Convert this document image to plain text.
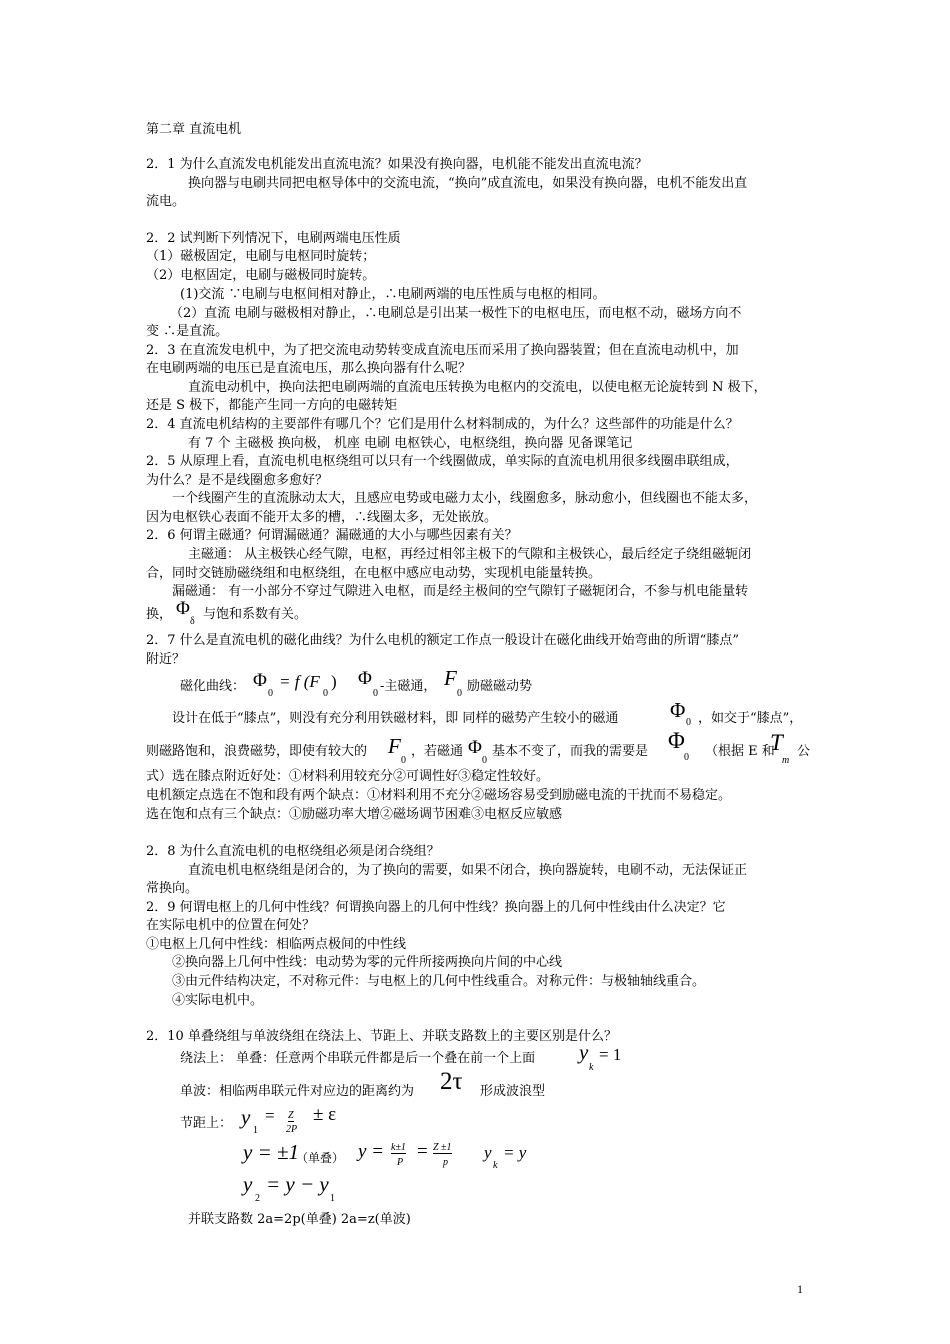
第二章 直流电机
2．1 为什么直流发电机能发出直流电流？如果没有换向器，电机能不能发出直流电流？
换向器与电刷共同把电枢导体中的交流电流，“换向”成直流电，如果没有换向器，电机不能发出直
流电。
2．2 试判断下列情况下，电刷两端电压性质
（1）磁极固定，电刷与电枢同时旋转；
（2）电枢固定，电刷与磁极同时旋转。
(1)交流 ∵电刷与电枢间相对静止，∴电刷两端的电压性质与电枢的相同。
（2）直流 电刷与磁极相对静止，∴电刷总是引出某一极性下的电枢电压，而电枢不动，磁场方向不
变 ∴是直流。
2．3 在直流发电机中，为了把交流电动势转变成直流电压而采用了换向器装置；但在直流电动机中，加
在电刷两端的电压已是直流电压，那么换向器有什么呢？
直流电动机中，换向法把电刷两端的直流电压转换为电枢内的交流电，以使电枢无论旋转到 N 极下，
还是 S 极下，都能产生同一方向的电磁转矩
2．4 直流电机结构的主要部件有哪几个？它们是用什么材料制成的，为什么？这些部件的功能是什么？
有 7 个 主磁极 换向极， 机座 电刷 电枢铁心，电枢绕组，换向器 见备课笔记
2．5 从原理上看，直流电机电枢绕组可以只有一个线圈做成，单实际的直流电机用很多线圈串联组成，
为什么？是不是线圈愈多愈好？
一个线圈产生的直流脉动太大，且感应电势或电磁力太小，线圈愈多，脉动愈小，但线圈也不能太多，
因为电枢铁心表面不能开太多的槽，∴线圈太多，无处嵌放。
2．6 何谓主磁通？何谓漏磁通？漏磁通的大小与哪些因素有关？
主磁通： 从主极铁心经气隙，电枢，再经过相邻主极下的气隙和主极铁心，最后经定子绕组磁轭闭
合，同时交链励磁绕组和电枢绕组，在电枢中感应电动势，实现机电能量转换。
漏磁通： 有一小部分不穿过气隙进入电枢，而是经主极间的空气隙钉子磁轭闭合，不参与机电能量转
换， Φ
δ 与饱和系数有关。
2．7 什么是直流电机的磁化曲线？为什么电机的额定工作点一般设计在磁化曲线开始弯曲的所谓“膝点”
附近？
磁化曲线： Φ
0
= f (F
0
) Φ
0 -主磁通， F
0 励磁磁动势
设计在低于“膝点”，则没有充分利用铁磁材料，即 同样的磁势产生较小的磁通 Φ
0 ，如交于“膝点”，
则磁路饱和，浪费磁势，即使有较大的 F
0
，若磁通 Φ
0
基本不变了，而我的需要是 Φ
0 （根据 E 和
T
m
公
式）选在膝点附近好处：①材料利用较充分②可调性好③稳定性较好。
电机额定点选在不饱和段有两个缺点：①材料利用不充分②磁场容易受到励磁电流的干扰而不易稳定。
选在饱和点有三个缺点：①励磁功率大增②磁场调节困难③电枢反应敏感
2．8 为什么直流电机的电枢绕组必须是闭合绕组？
直流电机电枢绕组是闭合的，为了换向的需要，如果不闭合，换向器旋转，电刷不动，无法保证正
常换向。
2．9 何谓电枢上的几何中性线？何谓换向器上的几何中性线？换向器上的几何中性线由什么决定？它
在实际电机中的位置在何处？
①电枢上几何中性线：相临两点极间的中性线
②换向器上几何中性线：电动势为零的元件所接两换向片间的中心线
③由元件结构决定，不对称元件：与电枢上的几何中性线重合。对称元件：与极轴轴线重合。
④实际电机中。
2．10 单叠绕组与单波绕组在绕法上、节距上、并联支路数上的主要区别是什么？
绕法上： 单叠：任意两个串联元件都是后一个叠在前一个上面 y
k
= 1
单波：相临两串联元件对应边的距离约为 2τ 形成波浪型
节距上： y
1
= Z
2P
± ε
y = ±1
（单叠） y = k±1
P
= Z ±1
p
y
k
= y
y
2
= y − y
1
并联支路数 2a=2p(单叠) 2a=z(单波)
1
